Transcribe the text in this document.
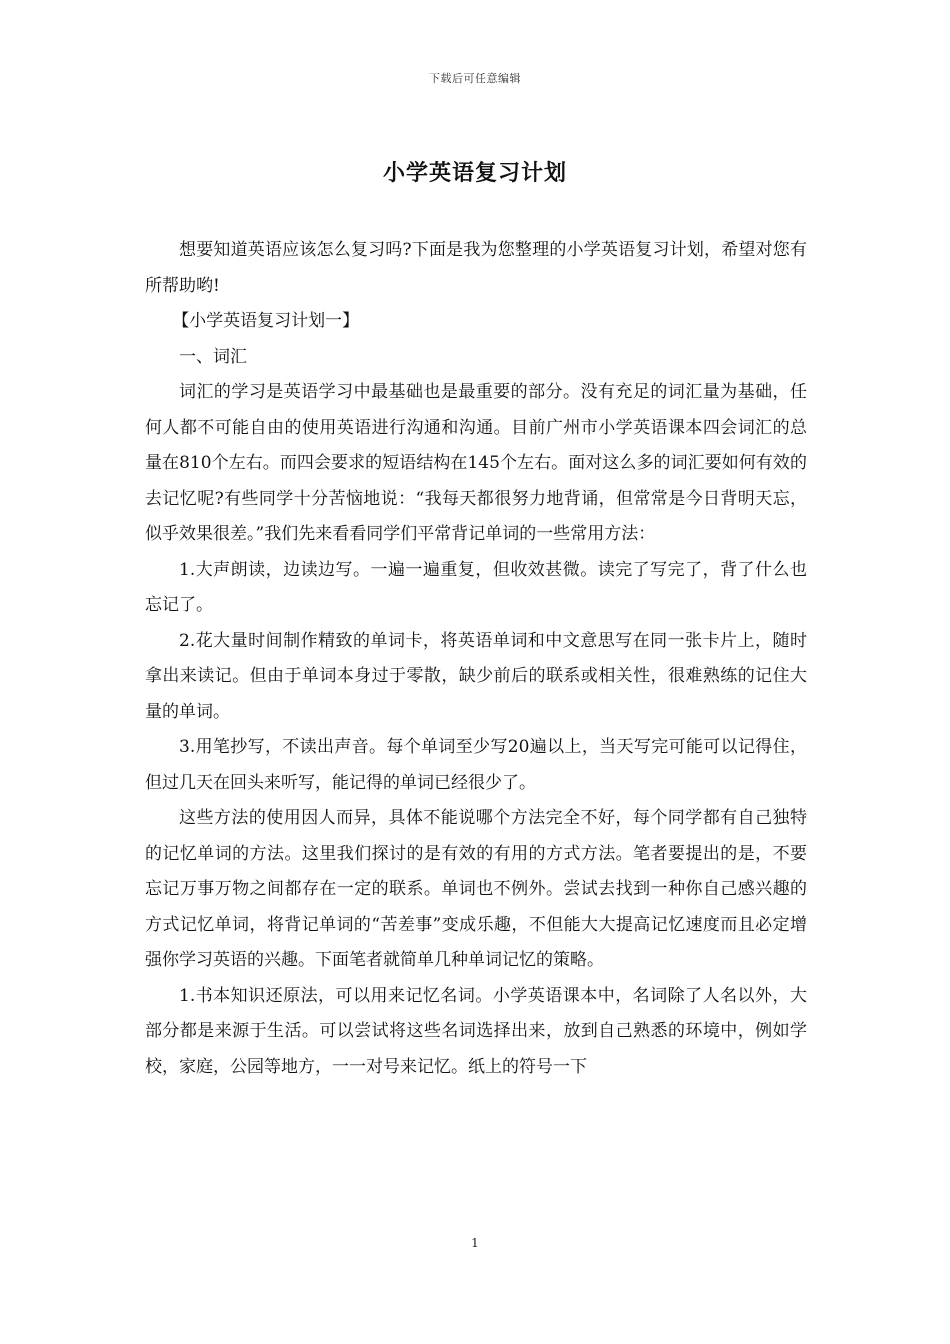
下载后可任意编辑
小学英语复习计划

想要知道英语应该怎么复习吗?下面是我为您整理的小学英语复习计划，希望对您有所帮助哟!

【小学英语复习计划一】

一、词汇

词汇的学习是英语学习中最基础也是最重要的部分。没有充足的词汇量为基础，任何人都不可能自由的使用英语进行沟通和沟通。目前广州市小学英语课本四会词汇的总量在810个左右。而四会要求的短语结构在145个左右。面对这么多的词汇要如何有效的去记忆呢?有些同学十分苦恼地说：“我每天都很努力地背诵，但常常是今日背明天忘，似乎效果很差。”我们先来看看同学们平常背记单词的一些常用方法：

1.大声朗读，边读边写。一遍一遍重复，但收效甚微。读完了写完了，背了什么也忘记了。

2.花大量时间制作精致的单词卡，将英语单词和中文意思写在同一张卡片上，随时拿出来读记。但由于单词本身过于零散，缺少前后的联系或相关性，很难熟练的记住大量的单词。

3.用笔抄写，不读出声音。每个单词至少写20遍以上，当天写完可能可以记得住，但过几天在回头来听写，能记得的单词已经很少了。

这些方法的使用因人而异，具体不能说哪个方法完全不好，每个同学都有自己独特的记忆单词的方法。这里我们探讨的是有效的有用的方式方法。笔者要提出的是，不要忘记万事万物之间都存在一定的联系。单词也不例外。尝试去找到一种你自己感兴趣的方式记忆单词，将背记单词的“苦差事”变成乐趣，不但能大大提高记忆速度而且必定增强你学习英语的兴趣。下面笔者就简单几种单词记忆的策略。

1.书本知识还原法，可以用来记忆名词。小学英语课本中，名词除了人名以外，大部分都是来源于生活。可以尝试将这些名词选择出来，放到自己熟悉的环境中，例如学校，家庭，公园等地方，一一对号来记忆。纸上的符号一下

1
